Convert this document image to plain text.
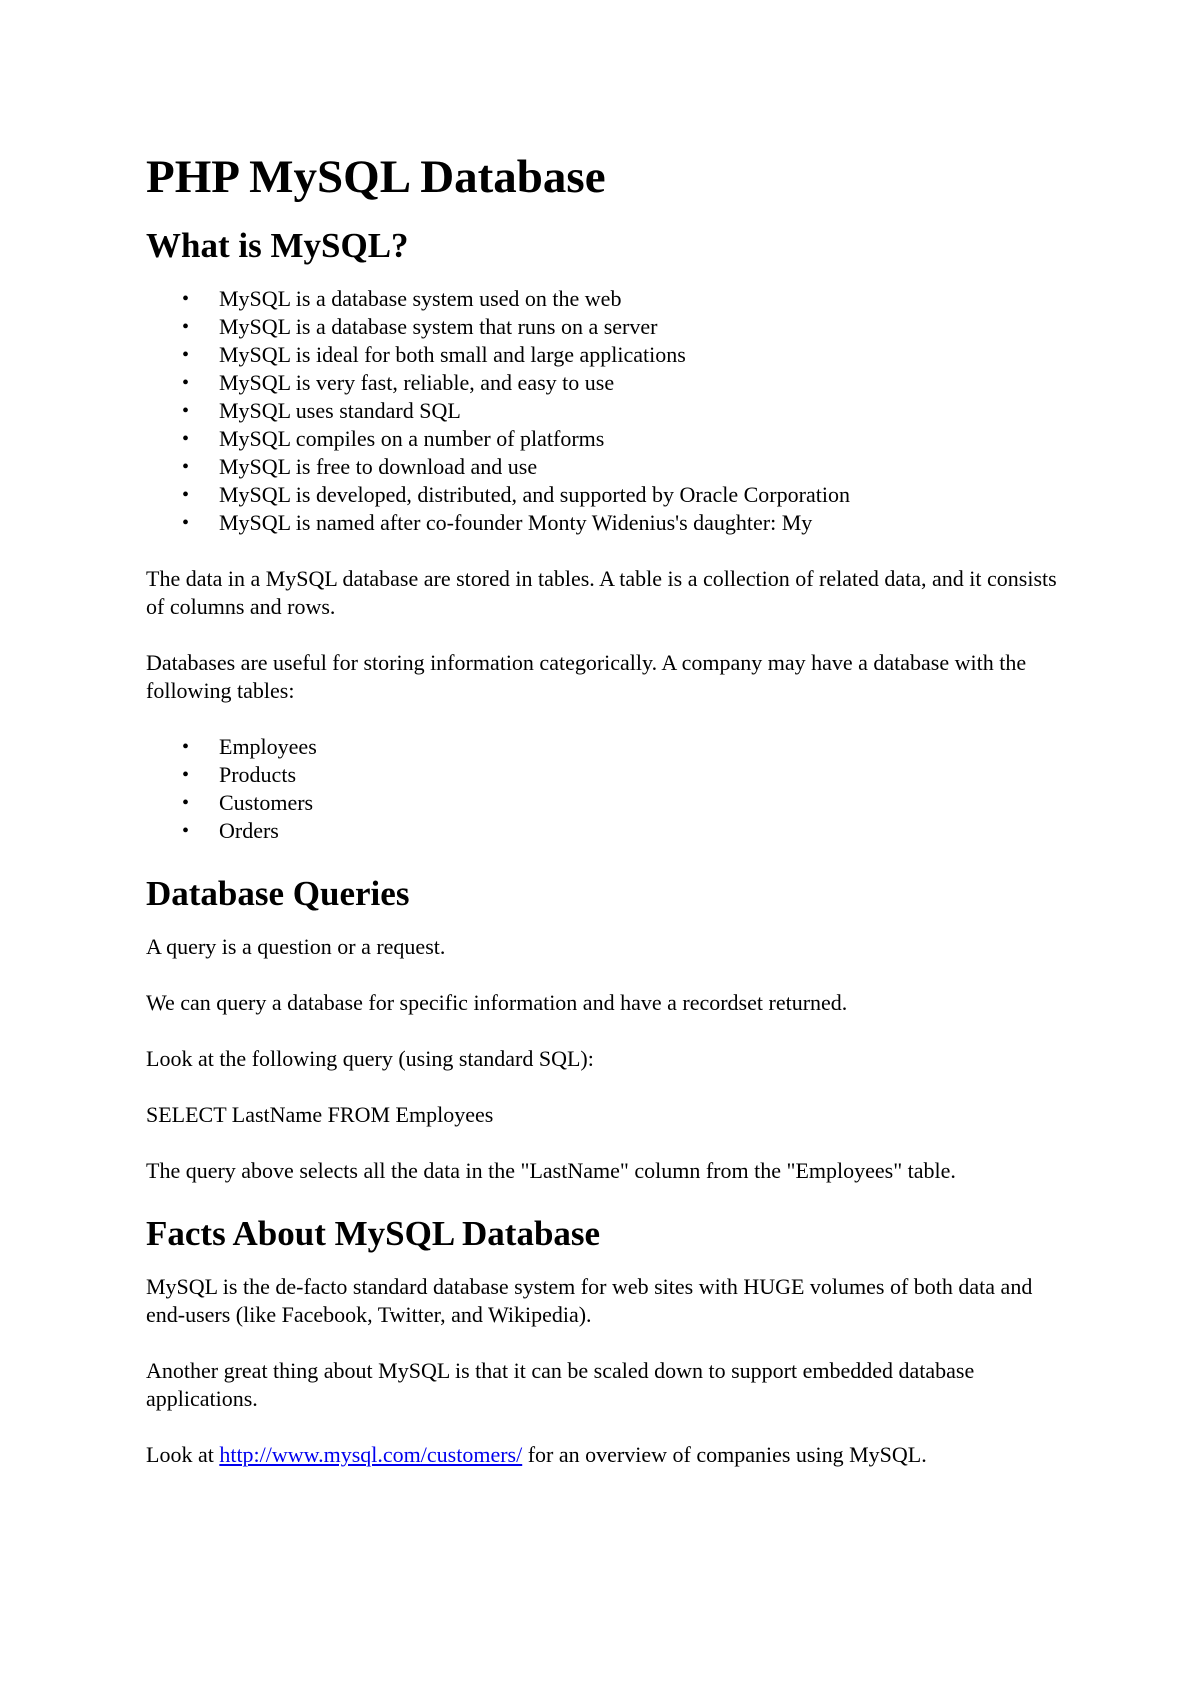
PHP MySQL Database
What is MySQL?
• MySQL is a database system used on the web
• MySQL is a database system that runs on a server
• MySQL is ideal for both small and large applications
• MySQL is very fast, reliable, and easy to use
• MySQL uses standard SQL
• MySQL compiles on a number of platforms
• MySQL is free to download and use
• MySQL is developed, distributed, and supported by Oracle Corporation
• MySQL is named after co-founder Monty Widenius's daughter: My

The data in a MySQL database are stored in tables. A table is a collection of related data, and it consists of columns and rows.

Databases are useful for storing information categorically. A company may have a database with the following tables:

• Employees
• Products
• Customers
• Orders
Database Queries

A query is a question or a request.

We can query a database for specific information and have a recordset returned.

Look at the following query (using standard SQL):

SELECT LastName FROM Employees

The query above selects all the data in the "LastName" column from the "Employees" table.

Facts About MySQL Database

MySQL is the de-facto standard database system for web sites with HUGE volumes of both data and end-users (like Facebook, Twitter, and Wikipedia).

Another great thing about MySQL is that it can be scaled down to support embedded database applications.

Look at http://www.mysql.com/customers/ for an overview of companies using MySQL.
